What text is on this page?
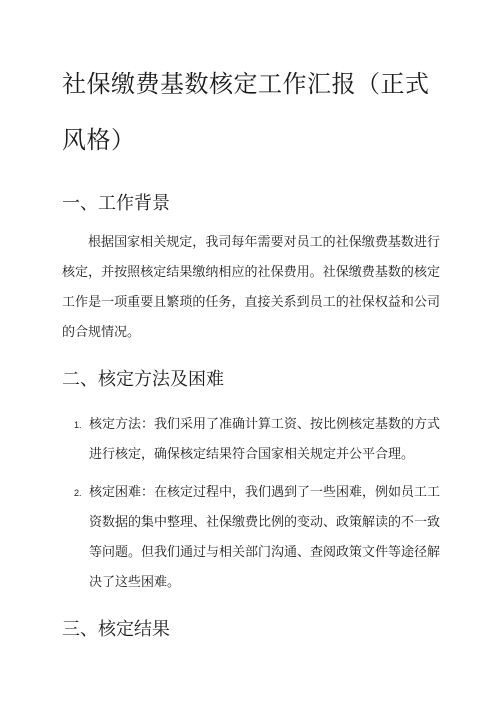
社保缴费基数核定工作汇报（正式风格）
一、工作背景

根据国家相关规定，我司每年需要对员工的社保缴费基数进行核定，并按照核定结果缴纳相应的社保费用。社保缴费基数的核定工作是一项重要且繁琐的任务，直接关系到员工的社保权益和公司的合规情况。

二、核定方法及困难
1. 核定方法：我们采用了准确计算工资、按比例核定基数的方式进行核定，确保核定结果符合国家相关规定并公平合理。
2. 核定困难：在核定过程中，我们遇到了一些困难，例如员工工资数据的集中整理、社保缴费比例的变动、政策解读的不一致等问题。但我们通过与相关部门沟通、查阅政策文件等途径解决了这些困难。
三、核定结果
